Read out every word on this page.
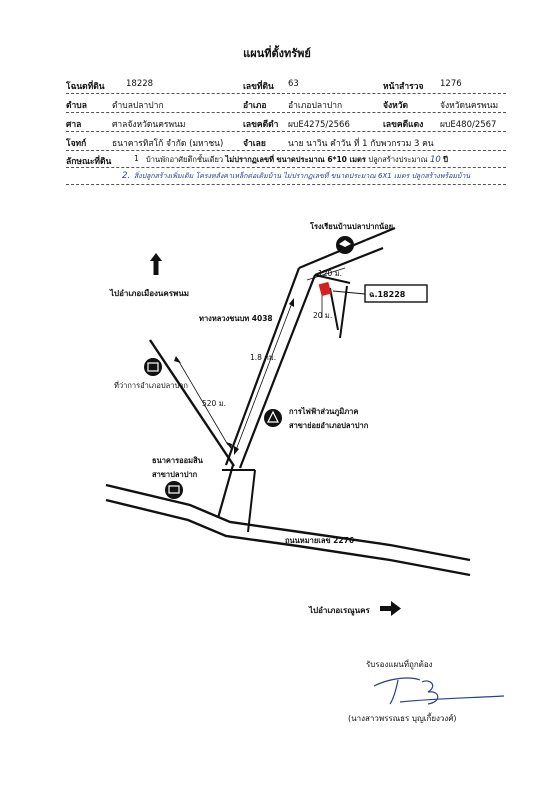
แผนที่ตั้งทรัพย์
โฉนดที่ดิน	18228	เลขที่ดิน 63	หน้าสำรวจ 1276
ตำบล	ตำบลปลาปาก	อำเภอ	อำเภอปลาปาก	จังหวัด	จังหวัดนครพนม
ศาล	ศาลจังหวัดนครพนม	เลขคดีดำ ผบE4275/2566	เลขคดีแดง ผบE480/2567
โจทก์	ธนาคารทิสโก้ จำกัด (มหาชน) จำเลย	นาย นาวิน คำวัน ที่ 1 กับพวกรวม 3 คน
ลักษณะที่ดิน	1 บ้านพักอาศัยตึกชั้นเดียว ไม่ปรากฏเลขที่ ขนาดประมาณ 6*10 เมตร ปลูกสร้างประมาณ 10 ปี
2. สิ่งปลูกสร้างเพิ่มเติม โครงหลังคาเหล็กต่อเติมบ้าน ไม่ปรากฏเลขที่ ขนาดประมาณ 6X1 เมตร ปลูกสร้างพร้อมบ้าน
โรงเรียนบ้านปลาปากน้อย
ไปอำเภอเมืองนครพนม
ทางหลวงชนบท 4038
120 ม.
20 ม.
ฉ.18228
1.8 กม.
520 ม.
ที่ว่าการอำเภอปลาปาก
การไฟฟ้าส่วนภูมิภาค
สาขาย่อยอำเภอปลาปาก
ธนาคารออมสิน
สาขาปลาปาก
ถนนหมายเลข 2276
ไปอำเภอเรณูนคร
รับรองแผนที่ถูกต้อง
(นางสาวพรรณธร บุญเกี้ยงวงศ์)
